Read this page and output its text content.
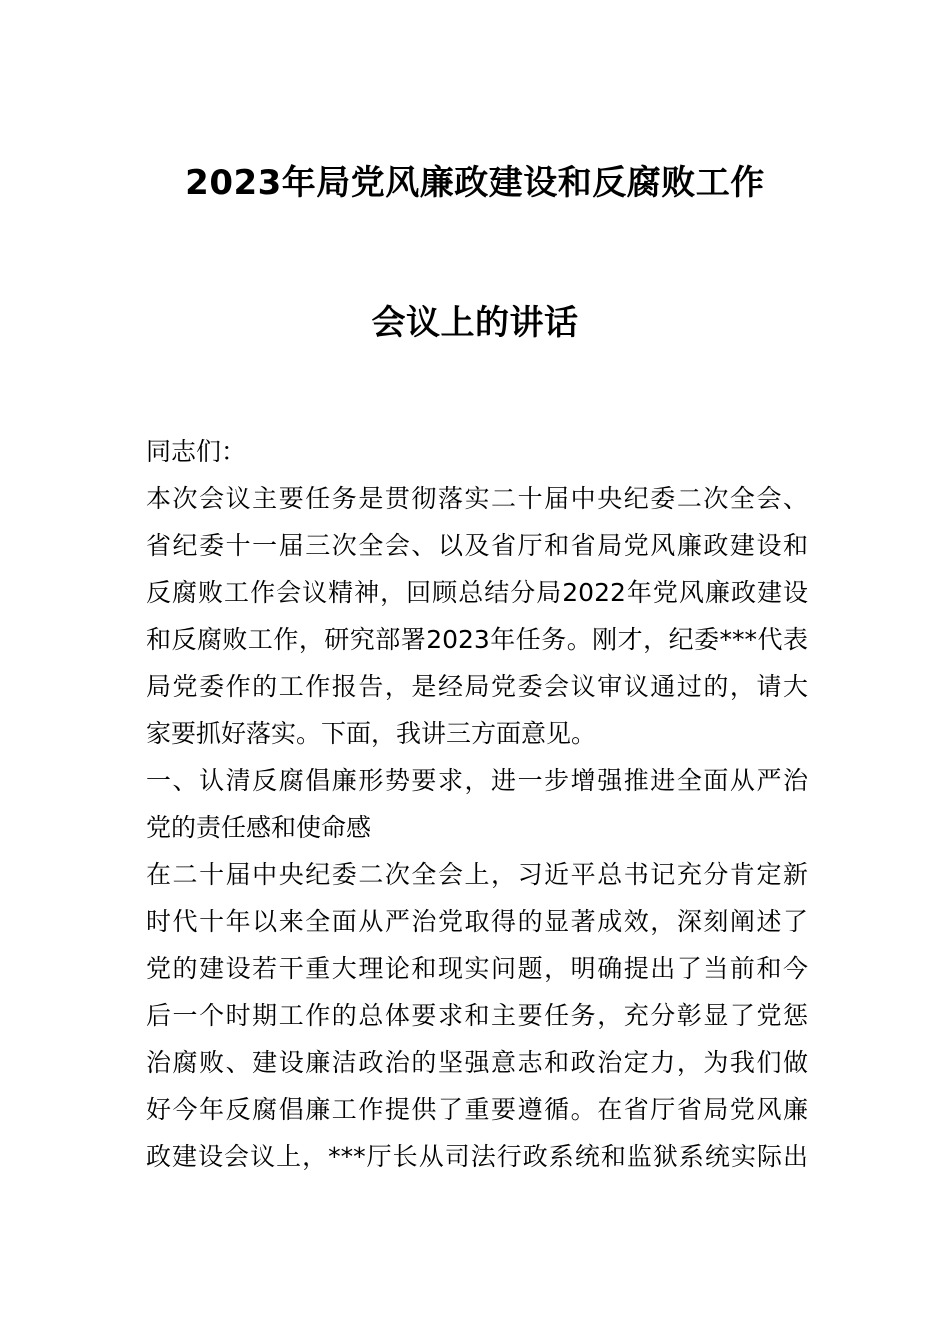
2023年局党风廉政建设和反腐败工作
会议上的讲话
同志们：
本次会议主要任务是贯彻落实二十届中央纪委二次全会、
省纪委十一届三次全会、以及省厅和省局党风廉政建设和
反腐败工作会议精神，回顾总结分局2022年党风廉政建设
和反腐败工作，研究部署2023年任务。刚才，纪委***代表
局党委作的工作报告，是经局党委会议审议通过的，请大
家要抓好落实。下面，我讲三方面意见。
一、认清反腐倡廉形势要求，进一步增强推进全面从严治
党的责任感和使命感
在二十届中央纪委二次全会上，习近平总书记充分肯定新
时代十年以来全面从严治党取得的显著成效，深刻阐述了
党的建设若干重大理论和现实问题，明确提出了当前和今
后一个时期工作的总体要求和主要任务，充分彰显了党惩
治腐败、建设廉洁政治的坚强意志和政治定力，为我们做
好今年反腐倡廉工作提供了重要遵循。在省厅省局党风廉
政建设会议上，***厅长从司法行政系统和监狱系统实际出
